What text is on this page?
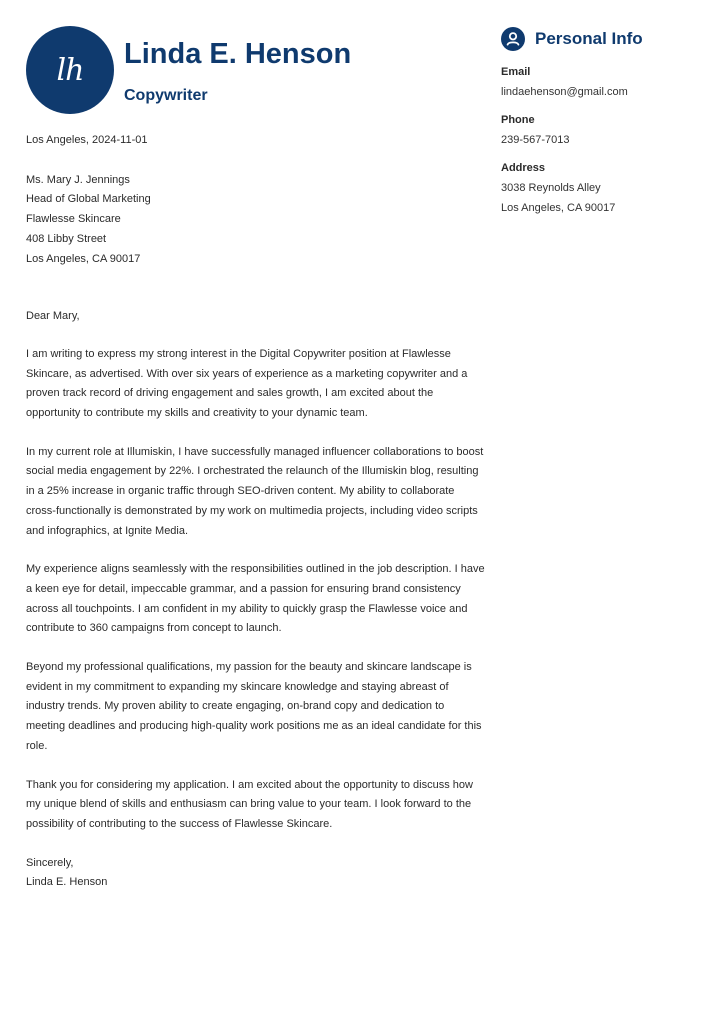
lh Linda E. Henson
Copywriter
Personal Info
Email
lindaehenson@gmail.com
Phone
239-567-7013
Address
3038 Reynolds Alley
Los Angeles, CA 90017

Los Angeles, 2024-11-01

Ms. Mary J. Jennings
Head of Global Marketing
Flawlesse Skincare
408 Libby Street
Los Angeles, CA 90017

Dear Mary,

I am writing to express my strong interest in the Digital Copywriter position at Flawlesse Skincare, as advertised. With over six years of experience as a marketing copywriter and a proven track record of driving engagement and sales growth, I am excited about the opportunity to contribute my skills and creativity to your dynamic team.

In my current role at Illumiskin, I have successfully managed influencer collaborations to boost social media engagement by 22%. I orchestrated the relaunch of the Illumiskin blog, resulting in a 25% increase in organic traffic through SEO-driven content. My ability to collaborate cross-functionally is demonstrated by my work on multimedia projects, including video scripts and infographics, at Ignite Media.

My experience aligns seamlessly with the responsibilities outlined in the job description. I have a keen eye for detail, impeccable grammar, and a passion for ensuring brand consistency across all touchpoints. I am confident in my ability to quickly grasp the Flawlesse voice and contribute to 360 campaigns from concept to launch.

Beyond my professional qualifications, my passion for the beauty and skincare landscape is evident in my commitment to expanding my skincare knowledge and staying abreast of industry trends. My proven ability to create engaging, on-brand copy and dedication to meeting deadlines and producing high-quality work positions me as an ideal candidate for this role.

Thank you for considering my application. I am excited about the opportunity to discuss how my unique blend of skills and enthusiasm can bring value to your team. I look forward to the possibility of contributing to the success of Flawlesse Skincare.

Sincerely,
Linda E. Henson
